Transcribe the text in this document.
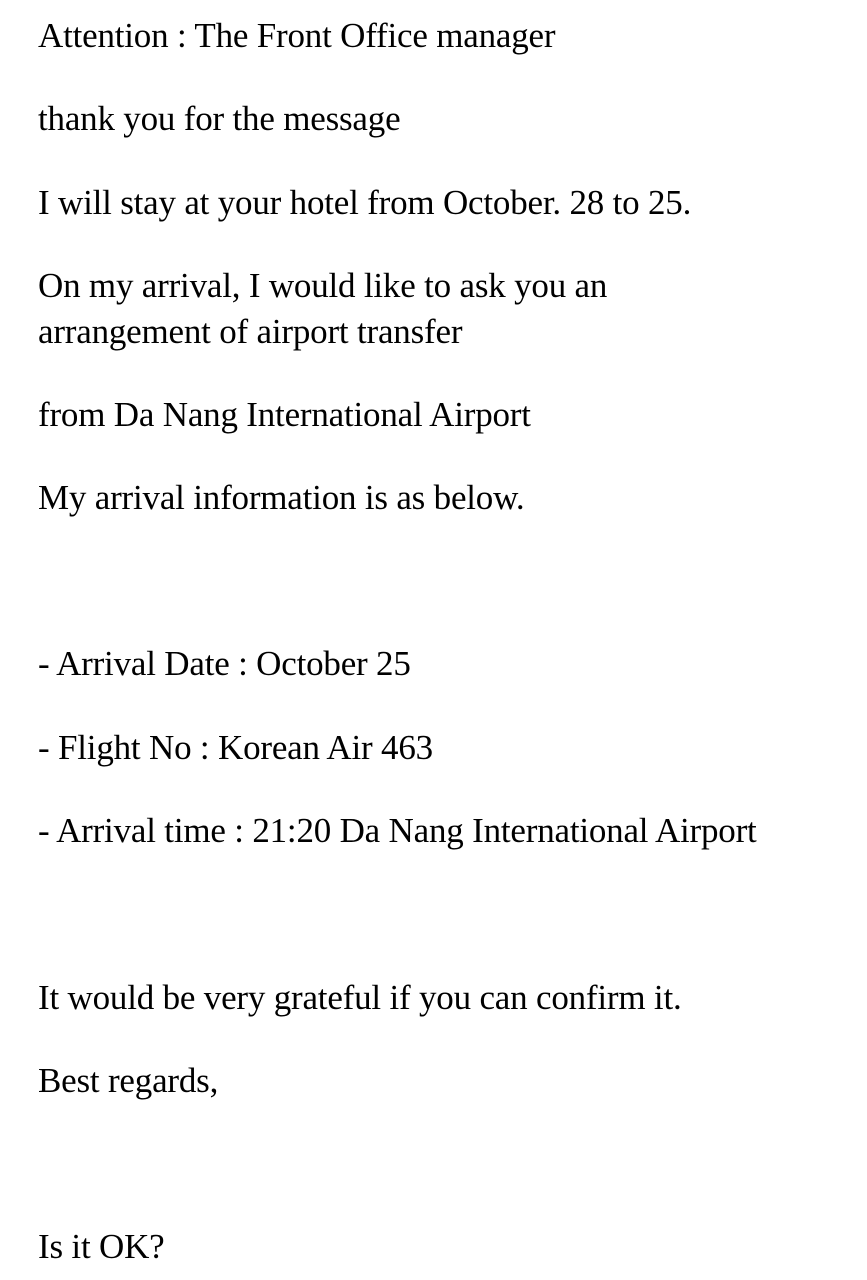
Attention : The Front Office manager

thank you for the message

I will stay at your hotel from October. 28 to 25.

On my arrival, I would like to ask you an

arrangement of airport transfer

from Da Nang International Airport

My arrival information is as below.

- Arrival Date : October 25

- Flight No : Korean Air 463

- Arrival time : 21:20 Da Nang International Airport

It would be very grateful if you can confirm it.

Best regards,

Is it OK?
